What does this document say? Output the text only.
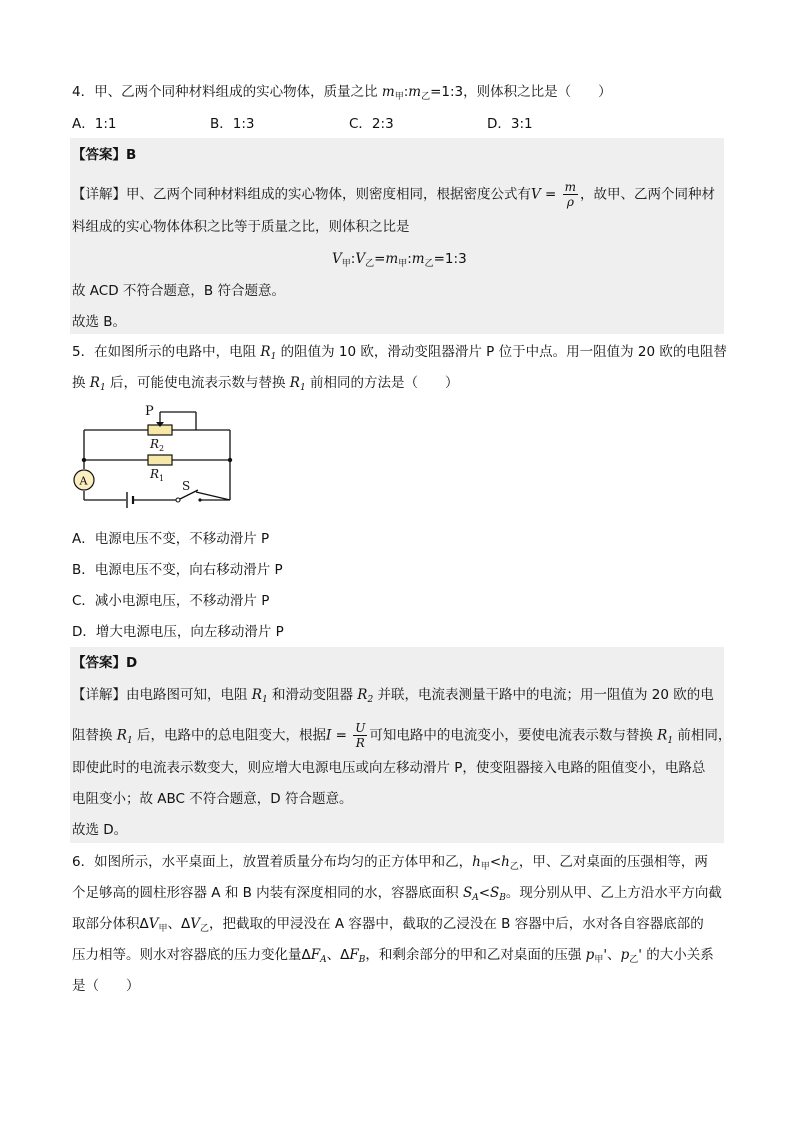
4．甲、乙两个同种材料组成的实心物体，质量之比 $m_甲:m_乙=1:3$，则体积之比是（　　）
A．1:1	B．1:3	C．2:3	D．3:1
【答案】B
【详解】甲、乙两个同种材料组成的实心物体，则密度相同，根据密度公式有$V = \frac{m}{\rho}$ ，故甲、乙两个同种材
料组成的实心物体体积之比等于质量之比，则体积之比是
$V_甲:V_乙=m_甲:m_乙=1:3$
故 ACD 不符合题意，B 符合题意。
故选 B。
5．在如图所示的电路中，电阻 $R_1$ 的阻值为 10 欧，滑动变阻器滑片 P 位于中点。用一阻值为 20 欧的电阻替
换 $R_1$ 后，可能使电流表示数与替换 $R_1$ 前相同的方法是（　　）
P
$R_2$
$R_1$
A	S
A．电源电压不变，不移动滑片 P
B．电源电压不变，向右移动滑片 P
C．减小电源电压，不移动滑片 P
D．增大电源电压，向左移动滑片 P
【答案】D
【详解】由电路图可知，电阻 $R_1$ 和滑动变阻器 $R_2$ 并联，电流表测量干路中的电流；用一阻值为 20 欧的电
阻替换 $R_1$ 后，电路中的总电阻变大，根据$I = \frac{U}{R}$ 可知电路中的电流变小，要使电流表示数与替换 $R_1$ 前相同，
即使此时的电流表示数变大，则应增大电源电压或向左移动滑片 P，使变阻器接入电路的阻值变小，电路总
电阻变小；故 ABC 不符合题意，D 符合题意。
故选 D。
6．如图所示，水平桌面上，放置着质量分布均匀的正方体甲和乙，$h_甲<h_乙$，甲、乙对桌面的压强相等，两
个足够高的圆柱形容器 A 和 B 内装有深度相同的水，容器底面积 $S_A<S_B$。现分别从甲、乙上方沿水平方向截
取部分体积$\Delta V_甲$、$\Delta V_乙$，把截取的甲浸没在 A 容器中，截取的乙浸没在 B 容器中后，水对各自容器底部的
压力相等。则水对容器底的压力变化量$\Delta F_A$、$\Delta F_B$，和剩余部分的甲和乙对桌面的压强 $p_甲'$、$p_乙'$ 的大小关系
是（　　）
